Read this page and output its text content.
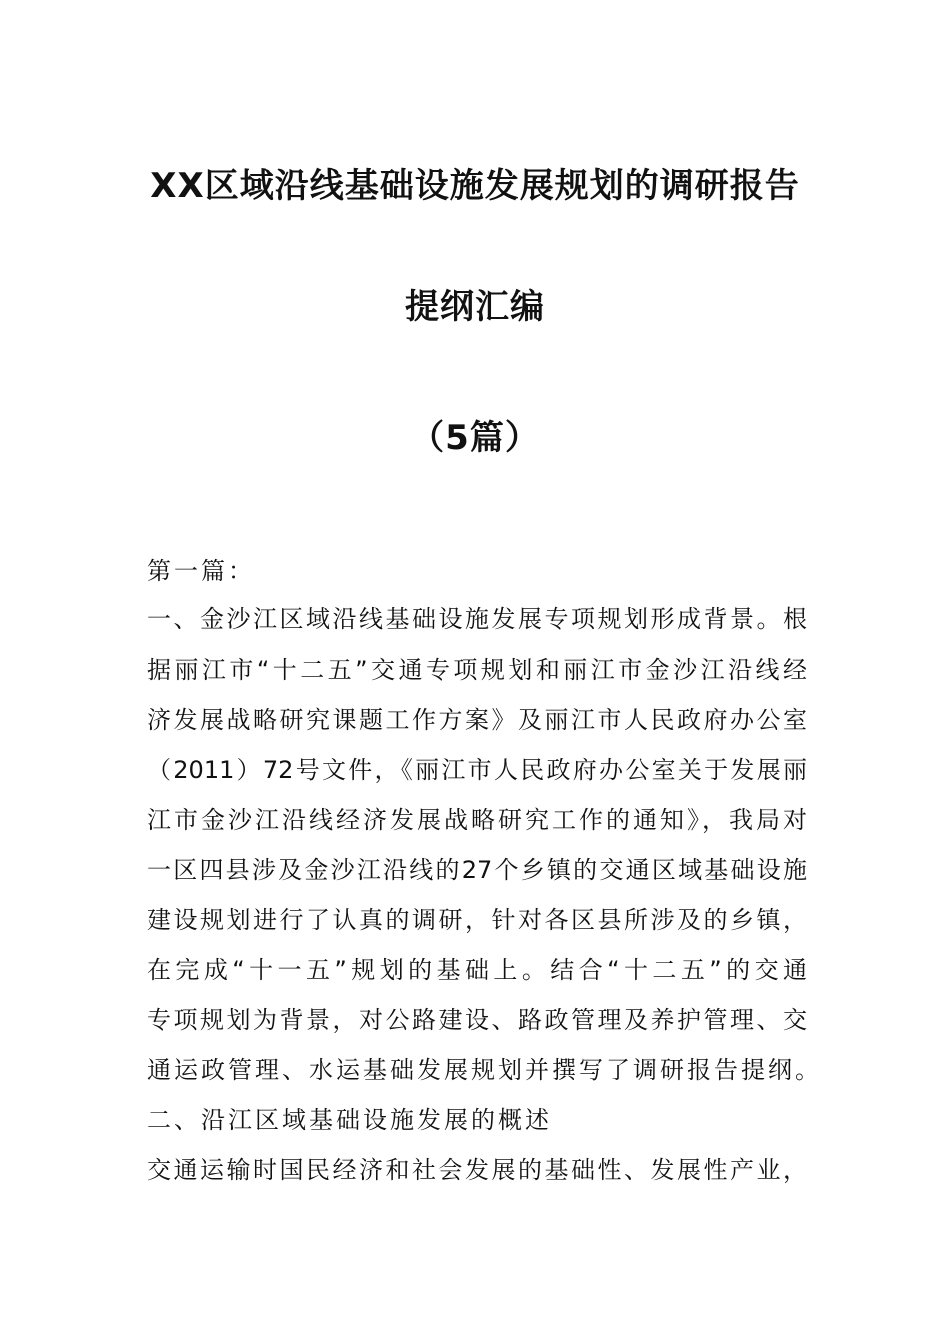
XX区域沿线基础设施发展规划的调研报告
提纲汇编
（5篇）
第一篇：
一、金沙江区域沿线基础设施发展专项规划形成背景。根
据丽江市“十二五”交通专项规划和丽江市金沙江沿线经
济发展战略研究课题工作方案》及丽江市人民政府办公室
（2011）72号文件，《丽江市人民政府办公室关于发展丽
江市金沙江沿线经济发展战略研究工作的通知》，我局对
一区四县涉及金沙江沿线的27个乡镇的交通区域基础设施
建设规划进行了认真的调研，针对各区县所涉及的乡镇，
在完成“十一五”规划的基础上。结合“十二五”的交通
专项规划为背景，对公路建设、路政管理及养护管理、交
通运政管理、水运基础发展规划并撰写了调研报告提纲。
二、沿江区域基础设施发展的概述
交通运输时国民经济和社会发展的基础性、发展性产业，
